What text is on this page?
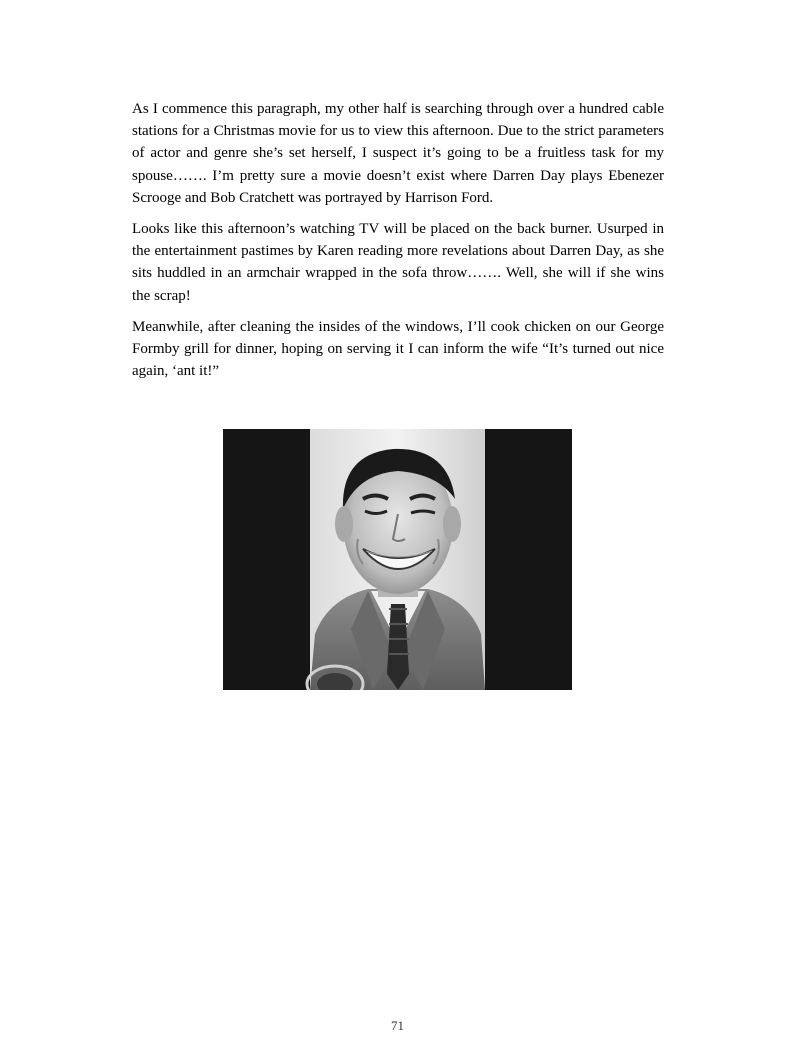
As I commence this paragraph, my other half is searching through over a hundred cable stations for a Christmas movie for us to view this afternoon. Due to the strict parameters of actor and genre she’s set herself, I suspect it’s going to be a fruitless task for my spouse……. I’m pretty sure a movie doesn’t exist where Darren Day plays Ebenezer Scrooge and Bob Cratchett was portrayed by Harrison Ford.

Looks like this afternoon’s watching TV will be placed on the back burner. Usurped in the entertainment pastimes by Karen reading more revelations about Darren Day, as she sits huddled in an armchair wrapped in the sofa throw……. Well, she will if she wins the scrap!

Meanwhile, after cleaning the insides of the windows, I’ll cook chicken on our George Formby grill for dinner, hoping on serving it I can inform the wife “It’s turned out nice again, ‘ant it!”

71
